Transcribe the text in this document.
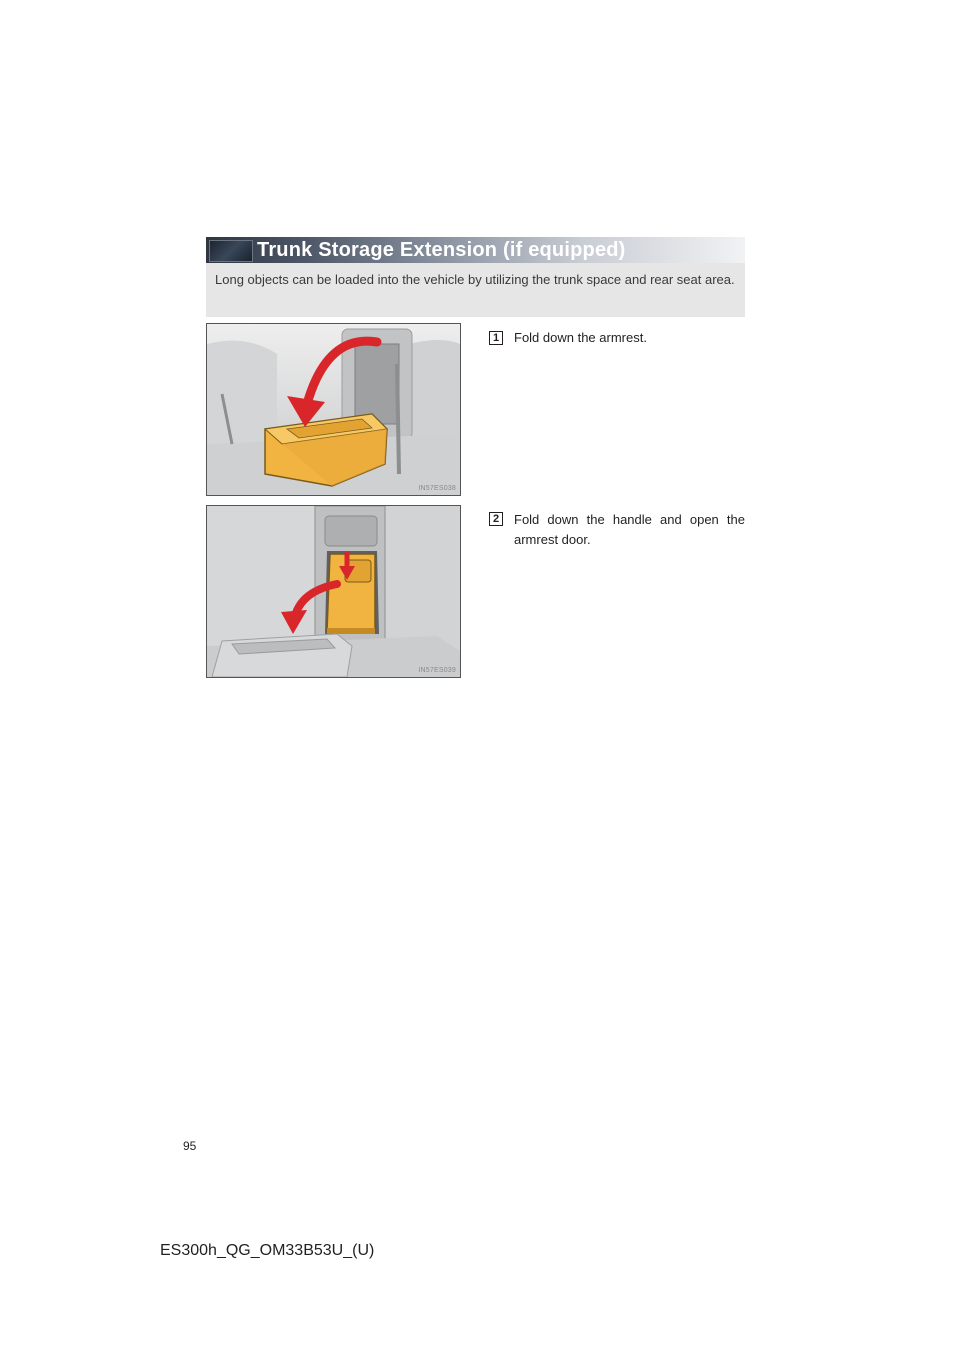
Trunk Storage Extension (if equipped)
Long objects can be loaded into the vehicle by utilizing the trunk space and rear seat area.
IN57ES038
1	Fold down the armrest.
IN57ES039
2	Fold down the handle and open the armrest door.
95
ES300h_QG_OM33B53U_(U)
